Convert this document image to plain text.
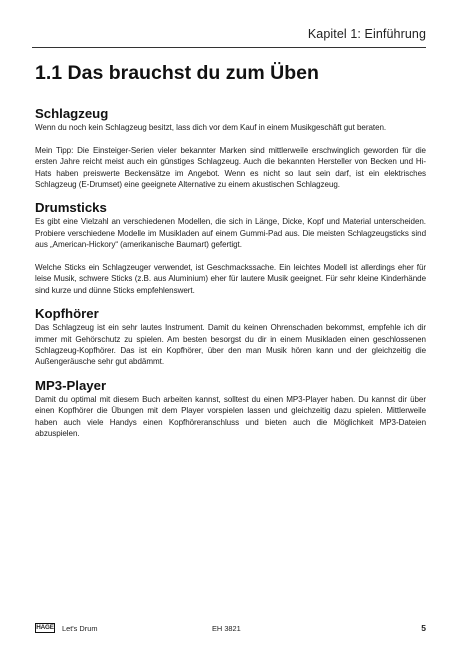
Kapitel 1: Einführung
1.1 Das brauchst du zum Üben
Schlagzeug

Wenn du noch kein Schlagzeug besitzt, lass dich vor dem Kauf in einem Musikgeschäft gut beraten.

Mein Tipp: Die Einsteiger-Serien vieler bekannter Marken sind mittlerweile erschwinglich geworden für die ersten Jahre reicht meist auch ein günstiges Schlagzeug. Auch die bekannten Hersteller von Becken und Hi-Hats haben preiswerte Beckensätze im Angebot. Wenn es nicht so laut sein darf, ist ein elektrisches Schlagzeug (E-Drumset) eine geeignete Alternative zu einem akustischen Schlagzeug.

Drumsticks

Es gibt eine Vielzahl an verschiedenen Modellen, die sich in Länge, Dicke, Kopf und Material unterscheiden. Probiere verschiedene Modelle im Musikladen auf einem Gummi-Pad aus. Die meisten Schlagzeugsticks sind aus „American-Hickory“ (amerikanische Baumart) gefertigt.

Welche Sticks ein Schlagzeuger verwendet, ist Geschmackssache. Ein leichtes Modell ist allerdings eher für leise Musik, schwere Sticks (z.B. aus Aluminium) eher für lautere Musik geeignet. Für sehr kleine Kinderhände sind kurze und dünne Sticks empfehlenswert.

Kopfhörer

Das Schlagzeug ist ein sehr lautes Instrument. Damit du keinen Ohrenschaden bekommst, empfehle ich dir immer mit Gehörschutz zu spielen. Am besten besorgst du dir in einem Musikladen einen geschlossenen Schlagzeug-Kopfhörer. Das ist ein Kopfhörer, über den man Musik hören kann und der gleichzeitig die Außengeräusche sehr gut abdämmt.

MP3-Player

Damit du optimal mit diesem Buch arbeiten kannst, solltest du einen MP3-Player haben. Du kannst dir über einen Kopfhörer die Übungen mit dem Player vorspielen lassen und gleichzeitig dazu spielen. Mittlerweile haben auch viele Handys einen Kopfhöreranschluss und bieten auch die Möglichkeit MP3-Dateien abzuspielen.

HAGE Let's Drum	EH 3821	5
